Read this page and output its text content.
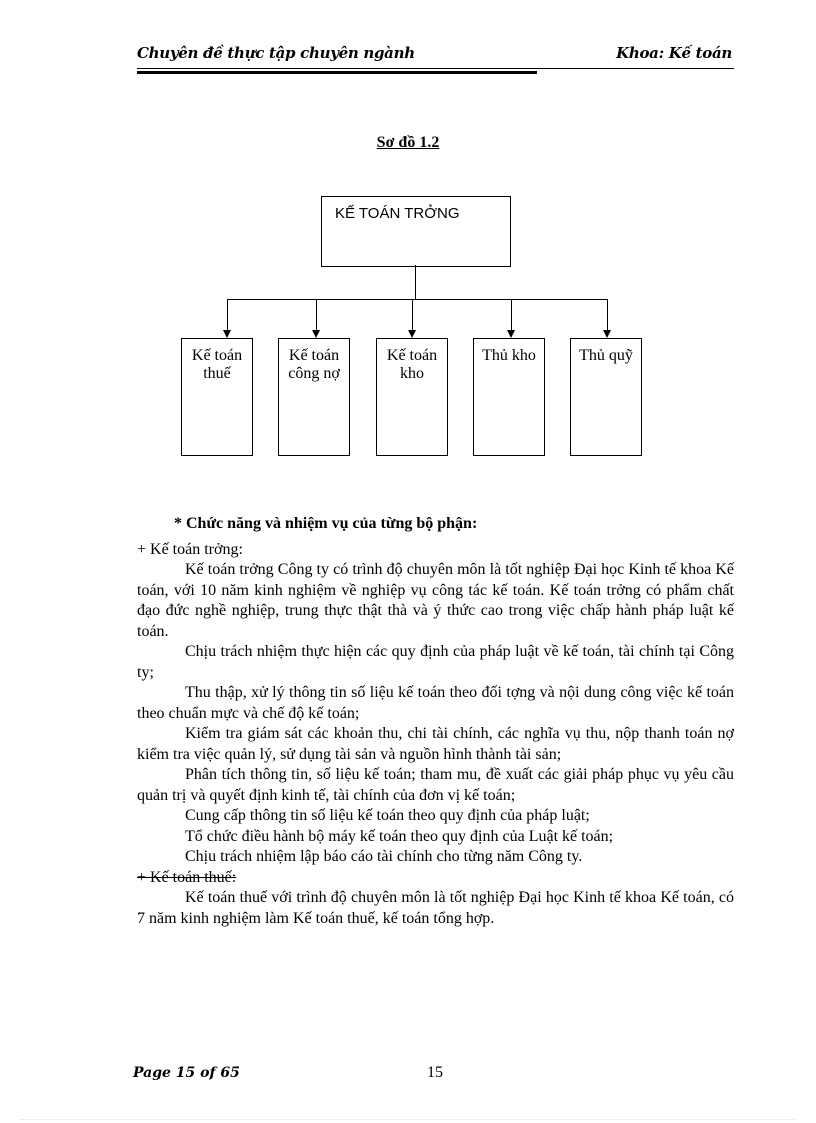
Chuyên đề thực tập chuyên ngành	Khoa: Kế toán
Sơ đồ 1.2
KẾ TOÁN TRỞNG
Kế toán thuế
Kế toán công nợ
Kế toán kho
Thủ kho	Thủ quỹ
* Chức năng và nhiệm vụ của từng bộ phận:

+ Kế toán trởng:

Kế toán trởng Công ty có trình độ chuyên môn là tốt nghiệp Đại học Kinh tế khoa Kế toán, với 10 năm kinh nghiệm về nghiệp vụ công tác kế toán. Kế toán trởng có phẩm chất đạo đức nghề nghiệp, trung thực thật thà và ý thức cao trong việc chấp hành pháp luật kế toán.

Chịu trách nhiệm thực hiện các quy định của pháp luật về kế toán, tài chính tại Công ty;

Thu thập, xử lý thông tin số liệu kế toán theo đối tợng và nội dung công việc kế toán theo chuẩn mực và chế độ kế toán;

Kiểm tra giám sát các khoản thu, chi tài chính, các nghĩa vụ thu, nộp thanh toán nợ kiểm tra việc quản lý, sử dụng tài sản và nguồn hình thành tài sản;

Phân tích thông tin, số liệu kế toán; tham mu, đề xuất các giải pháp phục vụ yêu cầu quản trị và quyết định kinh tế, tài chính của đơn vị kế toán;

Cung cấp thông tin số liệu kế toán theo quy định của pháp luật;

Tổ chức điều hành bộ máy kế toán theo quy định của Luật kế toán;

Chịu trách nhiệm lập báo cáo tài chính cho từng năm Công ty.

+ Kế toán thuế:

Kế toán thuế với trình độ chuyên môn là tốt nghiệp Đại học Kinh tế khoa Kế toán, có 7 năm kinh nghiệm làm Kế toán thuế, kế toán tổng hợp.

Page 15 of 65	15
